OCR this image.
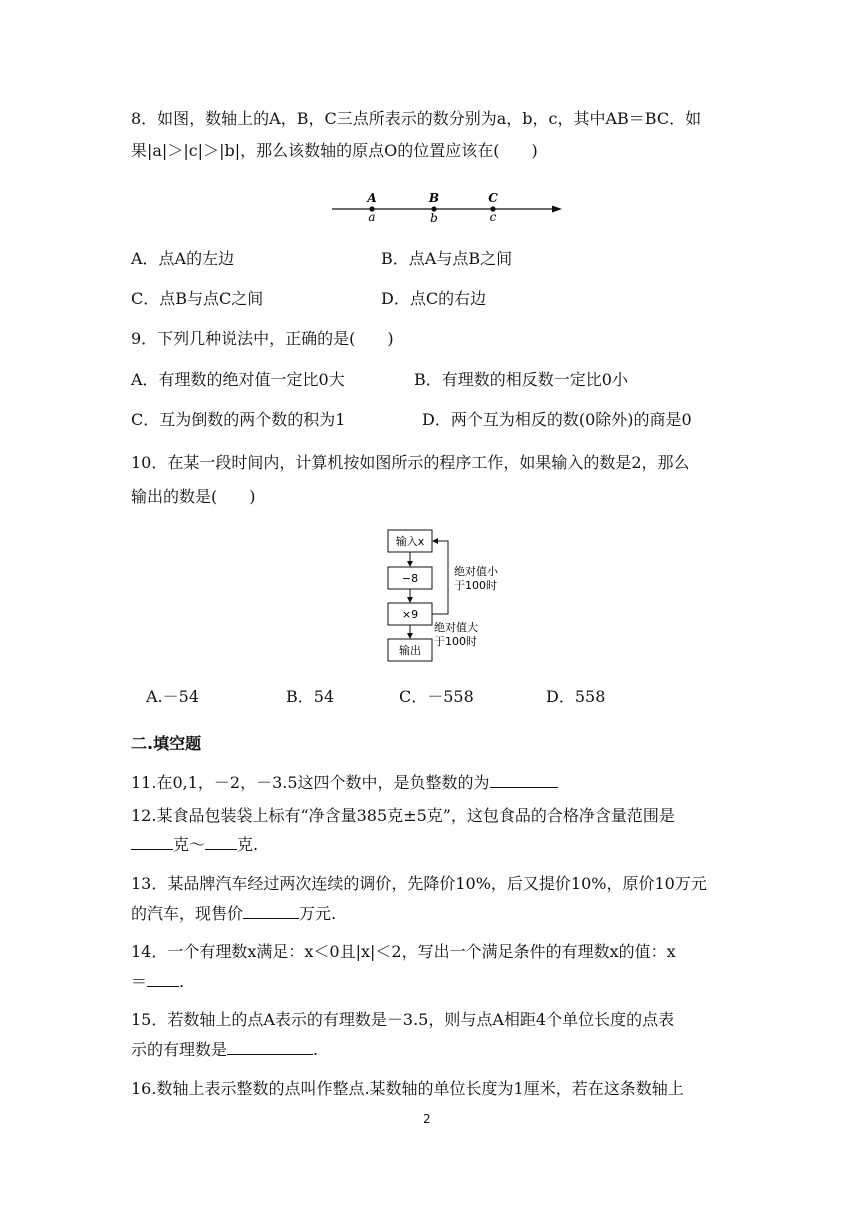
8．如图，数轴上的A，B，C三点所表示的数分别为a，b，c，其中AB＝BC．如
果|a|＞|c|＞|b|，那么该数轴的原点O的位置应该在(　　)
A	B	C
a	b	c
A．点A的左边	B．点A与点B之间
C．点B与点C之间	D．点C的右边
9．下列几种说法中，正确的是(　　)
A．有理数的绝对值一定比0大	B．有理数的相反数一定比0小
C．互为倒数的两个数的积为1	D．两个互为相反的数(0除外)的商是0
10．在某一段时间内，计算机按如图所示的程序工作，如果输入的数是2，那么
输出的数是(　　)
输入x
−8
×9
输出
绝对值小
于100时
绝对值大
于100时
A.－54	B．54	C．－558	D．558
二.填空题
11.在0,1，－2，－3.5这四个数中，是负整数的为
12.某食品包装袋上标有“净含量385克±5克”，这包食品的合格净含量范围是
克～ 克.
13．某品牌汽车经过两次连续的调价，先降价10%，后又提价10%，原价10万元
的汽车，现售价	万元.
14．一个有理数x满足：x＜0且|x|＜2，写出一个满足条件的有理数x的值：x
＝ .
15．若数轴上的点A表示的有理数是－3.5，则与点A相距4个单位长度的点表
示的有理数是	.
16.数轴上表示整数的点叫作整点.某数轴的单位长度为1厘米，若在这条数轴上
2
